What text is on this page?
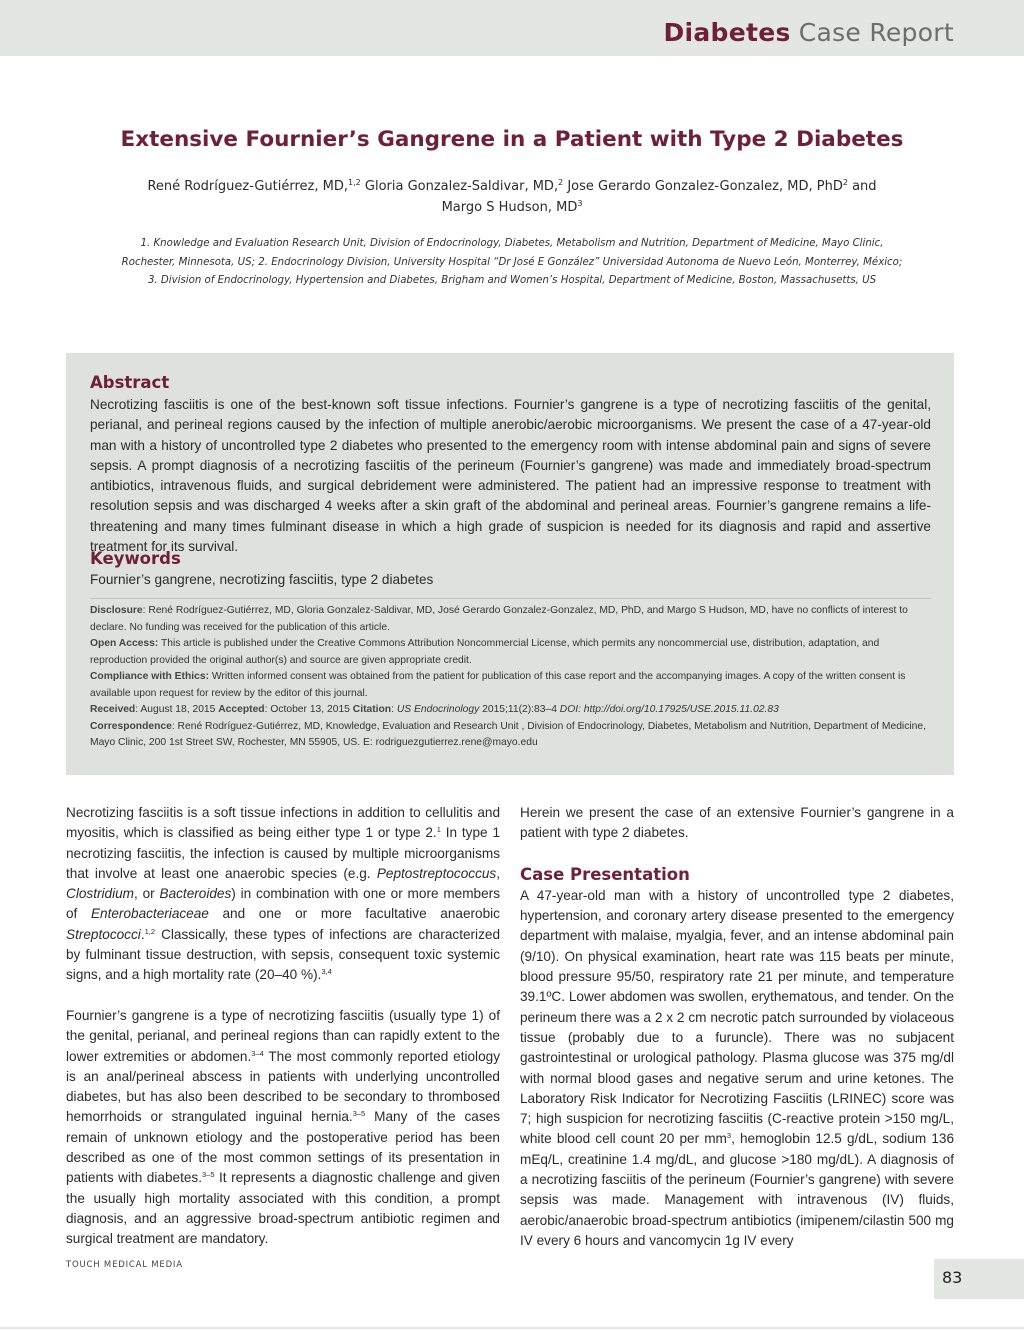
Diabetes Case Report
Extensive Fournier’s Gangrene in a Patient with Type 2 Diabetes
René Rodríguez-Gutiérrez, MD,$^{1,2}$ Gloria Gonzalez-Saldivar, MD,$^2$ Jose Gerardo Gonzalez-Gonzalez, MD, PhD$^2$ and
Margo S Hudson, $MD^3$
1. Knowledge and Evaluation Research Unit, Division of Endocrinology, Diabetes, Metabolism and Nutrition, Department of Medicine, Mayo Clinic,
Rochester, Minnesota, US; 2. Endocrinology Division, University Hospital “Dr José E González” Universidad Autonoma de Nuevo León, Monterrey, México;
3. Division of Endocrinology, Hypertension and Diabetes, Brigham and Women’s Hospital, Department of Medicine, Boston, Massachusetts, US
Abstract
Necrotizing fasciitis is one of the best-known soft tissue infections. Fournier’s gangrene is a type of necrotizing fasciitis of the genital, perianal, and perineal regions caused by the infection of multiple anerobic/aerobic microorganisms. We present the case of a 47-year-old man with a history of uncontrolled type 2 diabetes who presented to the emergency room with intense abdominal pain and signs of severe sepsis. A prompt diagnosis of a necrotizing fasciitis of the perineum (Fournier’s gangrene) was made and immediately broad-spectrum antibiotics, intravenous fluids, and surgical debridement were administered. The patient had an impressive response to treatment with resolution sepsis and was discharged 4 weeks after a skin graft of the abdominal and perineal areas. Fournier’s gangrene remains a life-threatening and many times fulminant disease in which a high grade of suspicion is needed for its diagnosis and rapid and assertive treatment for its survival.
Keywords
Fournier’s gangrene, necrotizing fasciitis, type 2 diabetes
Disclosure: René Rodríguez-Gutiérrez, MD, Gloria Gonzalez-Saldivar, MD, José Gerardo Gonzalez-Gonzalez, MD, PhD, and Margo S Hudson, MD, have no conflicts of interest to declare. No funding was received for the publication of this article.
Open Access: This article is published under the Creative Commons Attribution Noncommercial License, which permits any noncommercial use, distribution, adaptation, and reproduction provided the original author(s) and source are given appropriate credit.
Compliance with Ethics: Written informed consent was obtained from the patient for publication of this case report and the accompanying images. A copy of the written consent is available upon request for review by the editor of this journal.
Received: August 18, 2015 Accepted: October 13, 2015 Citation: US Endocrinology 2015;11(2):83–4 DOI: http://doi.org/10.17925/USE.2015.11.02.83
Correspondence: René Rodríguez-Gutiérrez, MD, Knowledge, Evaluation and Research Unit , Division of Endocrinology, Diabetes, Metabolism and Nutrition, Department of Medicine, Mayo Clinic, 200 1st Street SW, Rochester, MN 55905, US. E: rodriguezgutierrez.rene@mayo.edu

Necrotizing fasciitis is a soft tissue infections in addition to cellulitis and myositis, which is classified as being either type 1 or type 2.$^1$ In type 1 necrotizing fasciitis, the infection is caused by multiple microorganisms that involve at least one anaerobic species (e.g. Peptostreptococcus, Clostridium, or Bacteroides) in combination with one or more members of Enterobacteriaceae and one or more facultative anaerobic Streptococci.$^{1,2}$ Classically, these types of infections are characterized by fulminant tissue destruction, with sepsis, consequent toxic systemic signs, and a high mortality rate (20–40 %).$^{3,4}$

Fournier’s gangrene is a type of necrotizing fasciitis (usually type 1) of the genital, perianal, and perineal regions than can rapidly extent to the lower extremities or abdomen.$^{3-4}$ The most commonly reported etiology is an anal/perineal abscess in patients with underlying uncontrolled diabetes, but has also been described to be secondary to thrombosed hemorrhoids or strangulated inguinal hernia.$^{3-5}$ Many of the cases remain of unknown etiology and the postoperative period has been described as one of the most common settings of its presentation in patients with diabetes.$^{3-5}$ It represents a diagnostic challenge and given the usually high mortality associated with this condition, a prompt diagnosis, and an aggressive broad-spectrum antibiotic regimen and surgical treatment are mandatory.

Herein we present the case of an extensive Fournier’s gangrene in a patient with type 2 diabetes.

Case Presentation

A 47-year-old man with a history of uncontrolled type 2 diabetes, hypertension, and coronary artery disease presented to the emergency department with malaise, myalgia, fever, and an intense abdominal pain (9/10). On physical examination, heart rate was 115 beats per minute, blood pressure 95/50, respiratory rate 21 per minute, and temperature 39.1ºC. Lower abdomen was swollen, erythematous, and tender. On the perineum there was a 2 x 2 cm necrotic patch surrounded by violaceous tissue (probably due to a furuncle). There was no subjacent gastrointestinal or urological pathology. Plasma glucose was 375 mg/dl with normal blood gases and negative serum and urine ketones. The Laboratory Risk Indicator for Necrotizing Fasciitis (LRINEC) score was 7; high suspicion for necrotizing fasciitis (C-reactive protein >150 mg/L, white blood cell count 20 per $mm^3$, hemoglobin 12.5 g/dL, sodium 136 mEq/L, creatinine 1.4 mg/dL, and glucose >180 mg/dL). A diagnosis of a necrotizing fasciitis of the perineum (Fournier’s gangrene) with severe sepsis was made. Management with intravenous (IV) fluids, aerobic/anaerobic broad-spectrum antibiotics (imipenem/cilastin 500 mg IV every 6 hours and vancomycin 1g IV every

TOUCH MEDICAL MEDIA
83
